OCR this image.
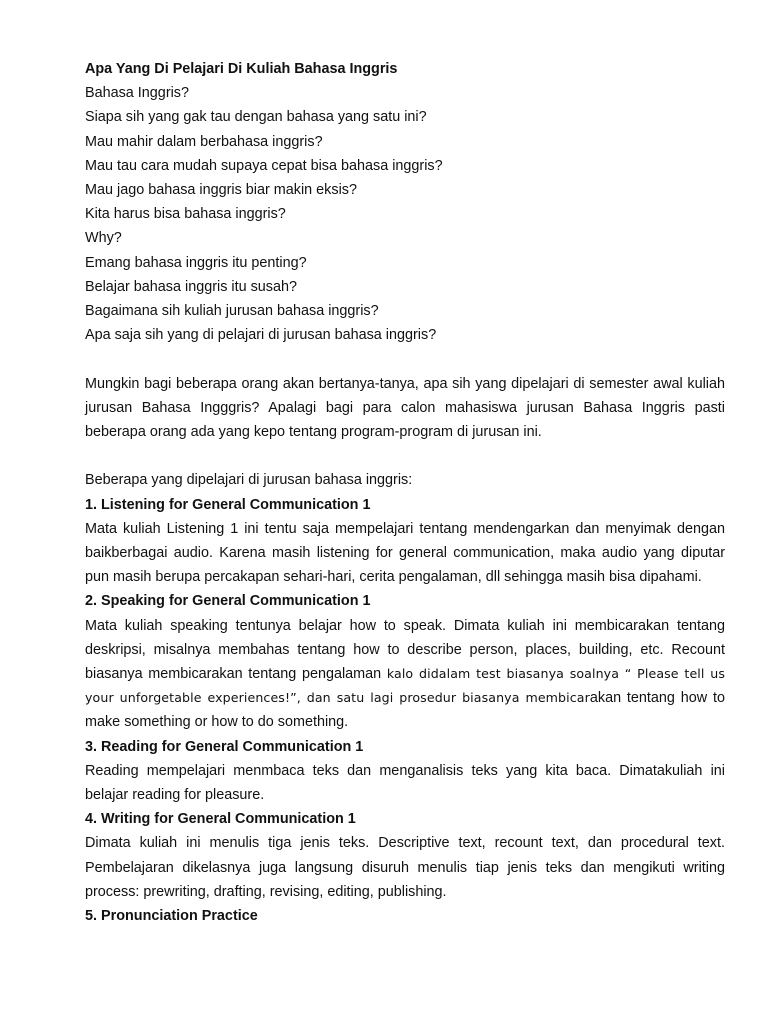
Apa Yang Di Pelajari Di Kuliah Bahasa Inggris

Bahasa Inggris?

Siapa sih yang gak tau dengan bahasa yang satu ini?

Mau mahir dalam berbahasa inggris?

Mau tau cara mudah supaya cepat bisa bahasa inggris?

Mau jago bahasa inggris biar makin eksis?

Kita harus bisa bahasa inggris?

Why?

Emang bahasa inggris itu penting?

Belajar bahasa inggris itu susah?

Bagaimana sih kuliah jurusan bahasa inggris?

Apa saja sih yang di pelajari di jurusan bahasa inggris?

Mungkin bagi beberapa orang akan bertanya-tanya, apa sih yang dipelajari di semester awal kuliah jurusan Bahasa Ingggris? Apalagi bagi para calon mahasiswa jurusan Bahasa Inggris pasti beberapa orang ada yang kepo tentang program-program di jurusan ini.

Beberapa yang dipelajari di jurusan bahasa inggris:

1. Listening for General Communication 1

Mata kuliah Listening 1 ini tentu saja mempelajari tentang mendengarkan dan menyimak dengan baikberbagai audio. Karena masih listening for general communication, maka audio yang diputar pun masih berupa percakapan sehari-hari, cerita pengalaman, dll sehingga masih bisa dipahami.

2. Speaking for General Communication 1

Mata kuliah speaking tentunya belajar how to speak. Dimata kuliah ini membicarakan tentang deskripsi, misalnya membahas tentang how to describe person, places, building, etc. Recount biasanya membicarakan tentang pengalaman kalo didalam test biasanya soalnya “ Please tell us your unforgetable experiences!”, dan satu lagi prosedur biasanya membicarakan tentang how to make something or how to do something.

3. Reading for General Communication 1

Reading mempelajari menmbaca teks dan menganalisis teks yang kita baca. Dimatakuliah ini belajar reading for pleasure.

4. Writing for General Communication 1

Dimata kuliah ini menulis tiga jenis teks. Descriptive text, recount text, dan procedural text. Pembelajaran dikelasnya juga langsung disuruh menulis tiap jenis teks dan mengikuti writing process: prewriting, drafting, revising, editing, publishing.

5. Pronunciation Practice
